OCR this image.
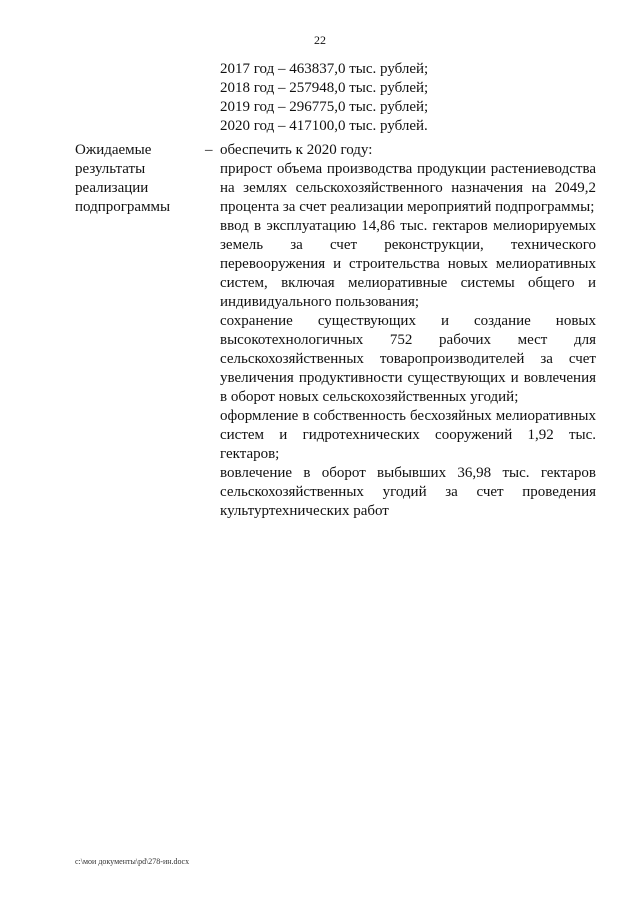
22
2017 год – 463837,0 тыс. рублей;
2018 год – 257948,0 тыс. рублей;
2019 год – 296775,0 тыс. рублей;
2020 год – 417100,0 тыс. рублей.
Ожидаемые
результаты
реализации
подпрограммы
– обеспечить к 2020 году:

прирост объема производства продукции растениеводства на землях сельскохозяйственного назначения на 2049,2 процента за счет реализации мероприятий подпрограммы;

ввод в эксплуатацию 14,86 тыс. гектаров мелиорируемых земель за счет реконструкции, технического перевооружения и строительства новых мелиоративных систем, включая мелиоративные системы общего и индивидуального пользования;

сохранение существующих и создание новых высокотехнологичных 752 рабочих мест для сельскохозяйственных товаропроизводителей за счет увеличения продуктивности существующих и вовлечения в оборот новых сельскохозяйственных угодий;

оформление в собственность бесхозяйных мелиоративных систем и гидротехнических сооружений 1,92 тыс. гектаров;

вовлечение в оборот выбывших 36,98 тыс. гектаров сельскохозяйственных угодий за счет проведения культуртехнических работ

c:\мои документы\pd\278-ин.docx
